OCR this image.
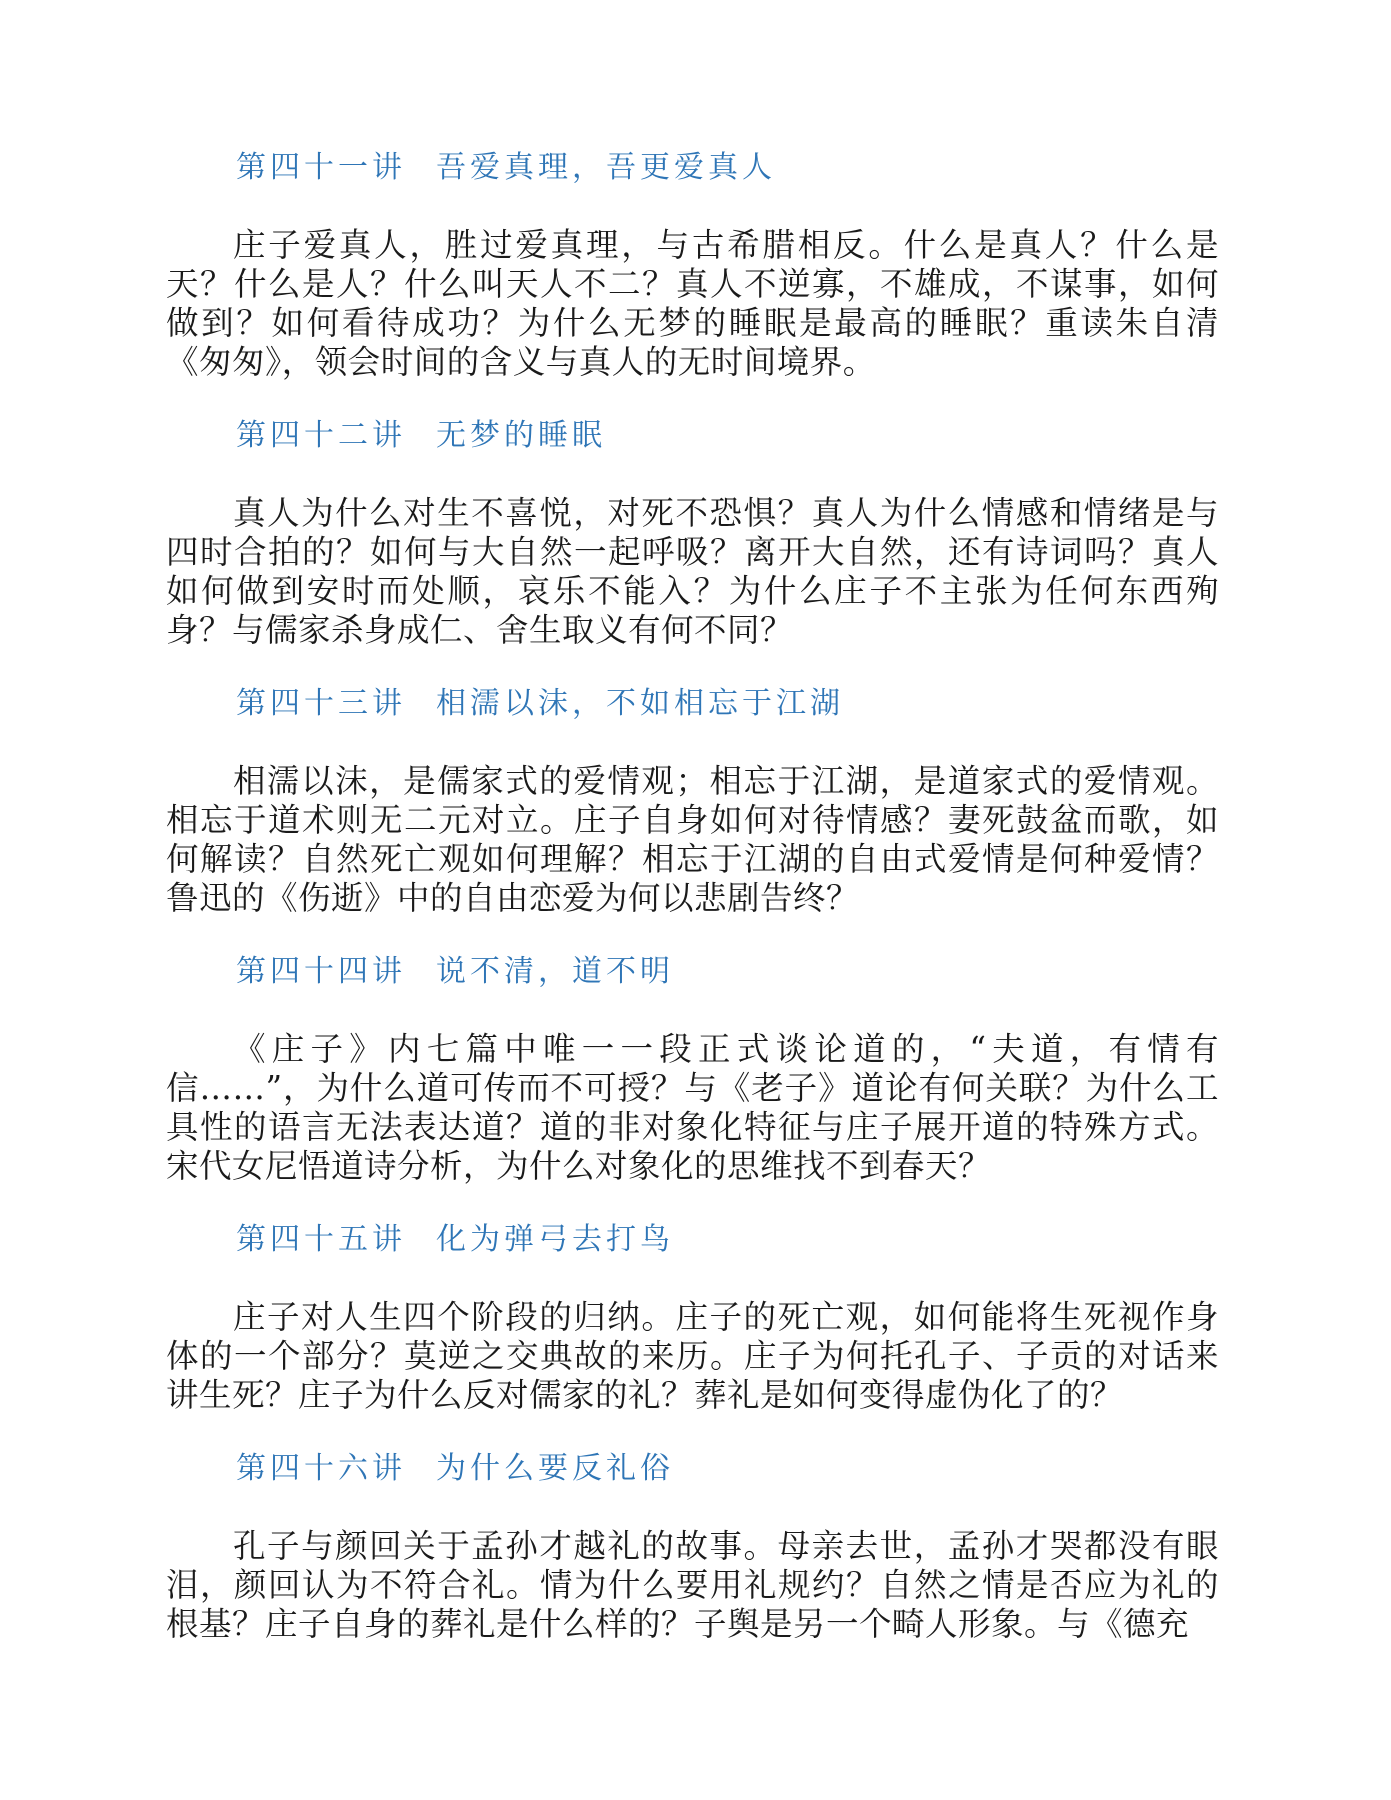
第四十一讲 吾爱真理，吾更爱真人

庄子爱真人，胜过爱真理，与古希腊相反。什么是真人？什么是天？什么是人？什么叫天人不二？真人不逆寡，不雄成，不谋事，如何做到？如何看待成功？为什么无梦的睡眠是最高的睡眠？重读朱自清《匆匆》，领会时间的含义与真人的无时间境界。

第四十二讲 无梦的睡眠

真人为什么对生不喜悦，对死不恐惧？真人为什么情感和情绪是与四时合拍的？如何与大自然一起呼吸？离开大自然，还有诗词吗？真人如何做到安时而处顺，哀乐不能入？为什么庄子不主张为任何东西殉身？与儒家杀身成仁、舍生取义有何不同？

第四十三讲 相濡以沫，不如相忘于江湖

相濡以沫，是儒家式的爱情观；相忘于江湖，是道家式的爱情观。相忘于道术则无二元对立。庄子自身如何对待情感？妻死鼓盆而歌，如何解读？自然死亡观如何理解？相忘于江湖的自由式爱情是何种爱情？鲁迅的《伤逝》中的自由恋爱为何以悲剧告终？

第四十四讲 说不清，道不明

《庄子》内七篇中唯一一段正式谈论道的，“夫道，有情有信……”，为什么道可传而不可授？与《老子》道论有何关联？为什么工具性的语言无法表达道？道的非对象化特征与庄子展开道的特殊方式。宋代女尼悟道诗分析，为什么对象化的思维找不到春天？

第四十五讲 化为弹弓去打鸟

庄子对人生四个阶段的归纳。庄子的死亡观，如何能将生死视作身体的一个部分？莫逆之交典故的来历。庄子为何托孔子、子贡的对话来讲生死？庄子为什么反对儒家的礼？葬礼是如何变得虚伪化了的？

第四十六讲 为什么要反礼俗

孔子与颜回关于孟孙才越礼的故事。母亲去世，孟孙才哭都没有眼泪，颜回认为不符合礼。情为什么要用礼规约？自然之情是否应为礼的根基？庄子自身的葬礼是什么样的？子舆是另一个畸人形象。与《德充
